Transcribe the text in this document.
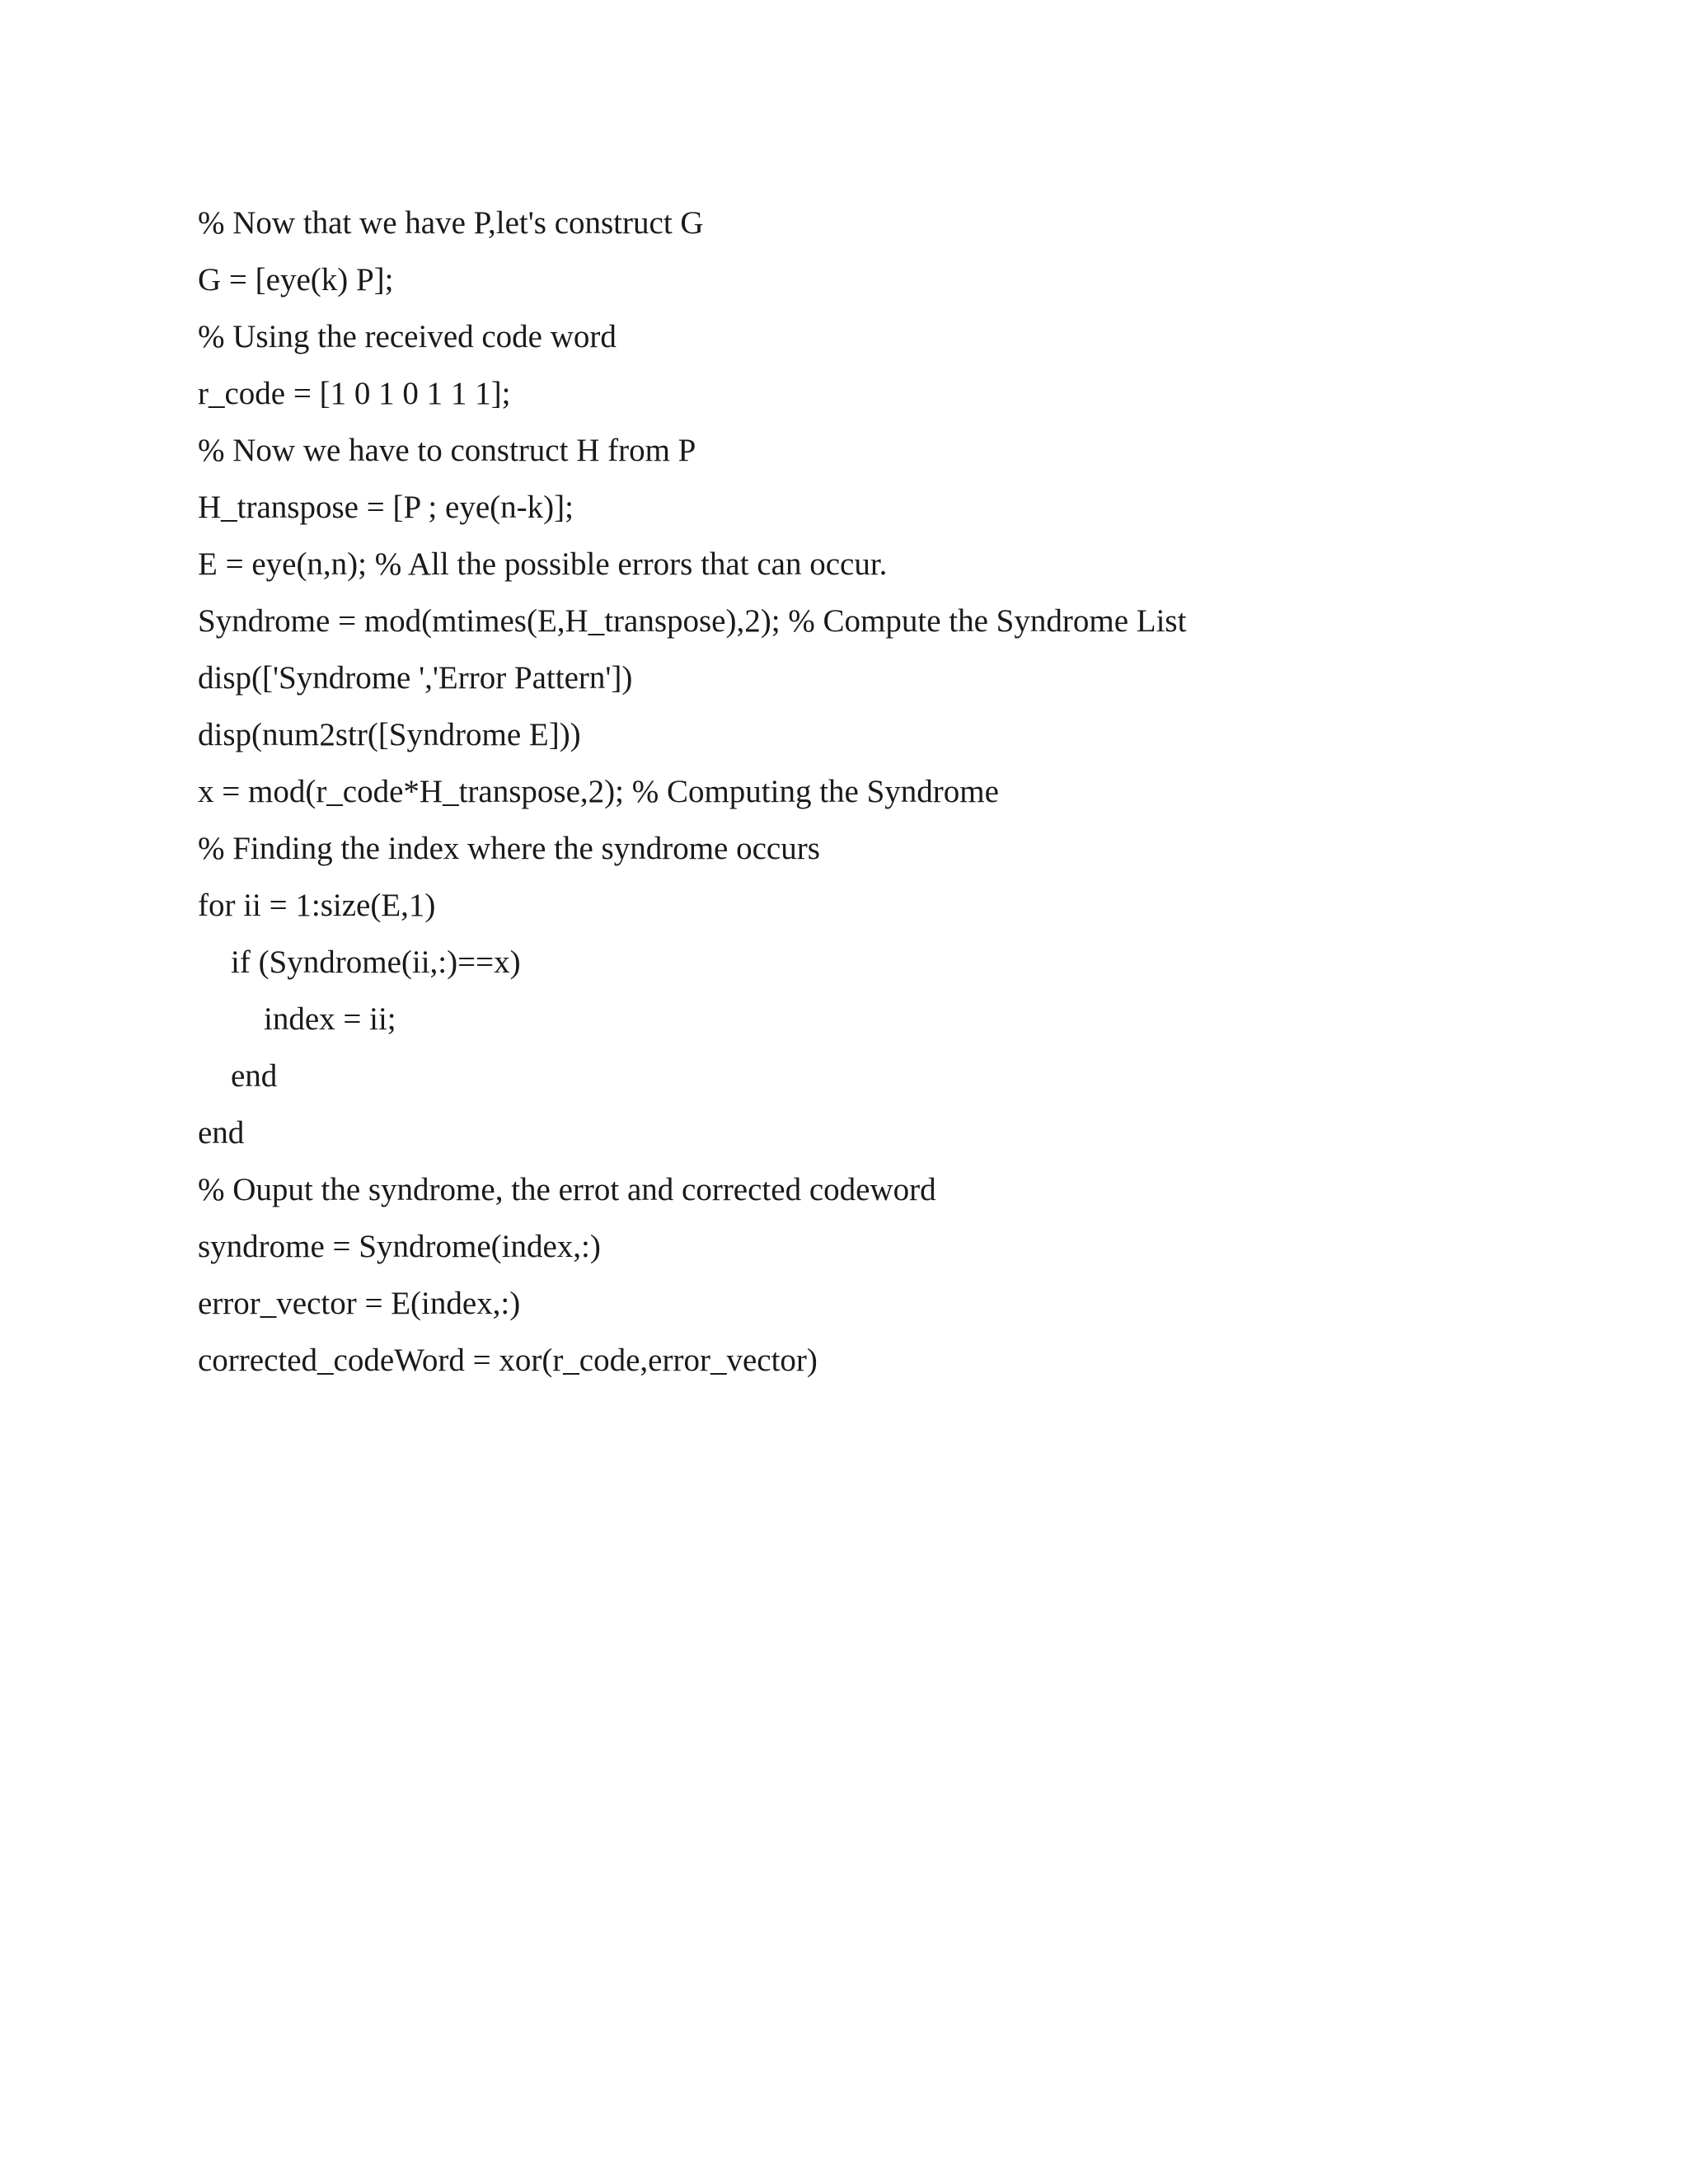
% Now that we have P,let's construct G
G = [eye(k) P];
% Using the received code word
r_code = [1 0 1 0 1 1 1];
% Now we have to construct H from P
H_transpose = [P ; eye(n-k)];
E = eye(n,n); % All the possible errors that can occur.
Syndrome = mod(mtimes(E,H_transpose),2); % Compute the Syndrome List
disp(['Syndrome ','Error Pattern'])
disp(num2str([Syndrome E]))
x = mod(r_code*H_transpose,2); % Computing the Syndrome
% Finding the index where the syndrome occurs
for ii = 1:size(E,1)
if (Syndrome(ii,:)==x)
index = ii;
end
end
% Ouput the syndrome, the errot and corrected codeword
syndrome = Syndrome(index,:)
error_vector = E(index,:)
corrected_codeWord = xor(r_code,error_vector)
